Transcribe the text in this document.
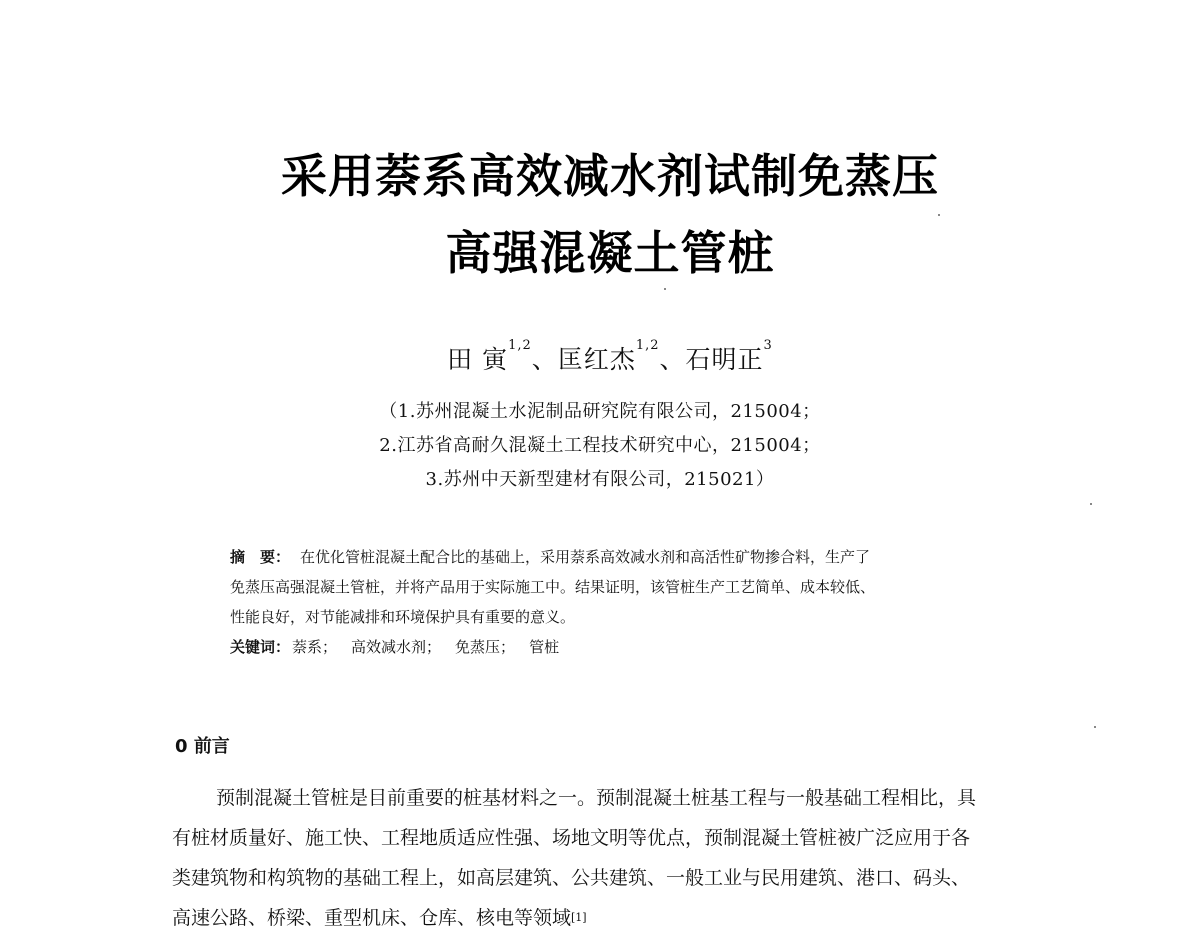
采用萘系高效减水剂试制免蒸压
高强混凝土管桩
田 寅$^{1,2}$、匡红杰$^{1,2}$、石明正$^3$
（1.苏州混凝土水泥制品研究院有限公司，215004；
2.江苏省高耐久混凝土工程技术研究中心，215004；
3.苏州中天新型建材有限公司，215021）
摘　要： 在优化管桩混凝土配合比的基础上，采用萘系高效减水剂和高活性矿物掺合料，生产了
免蒸压高强混凝土管桩，并将产品用于实际施工中。结果证明，该管桩生产工艺简单、成本较低、
性能良好，对节能减排和环境保护具有重要的意义。
关键词： 萘系； 高效减水剂； 免蒸压； 管桩
0 前言
预制混凝土管桩是目前重要的桩基材料之一。预制混凝土桩基工程与一般基础工程相比，具
有桩材质量好、施工快、工程地质适应性强、场地文明等优点，预制混凝土管桩被广泛应用于各
类建筑物和构筑物的基础工程上，如高层建筑、公共建筑、一般工业与民用建筑、港口、码头、
高速公路、桥梁、重型机床、仓库、核电等领域[1]
